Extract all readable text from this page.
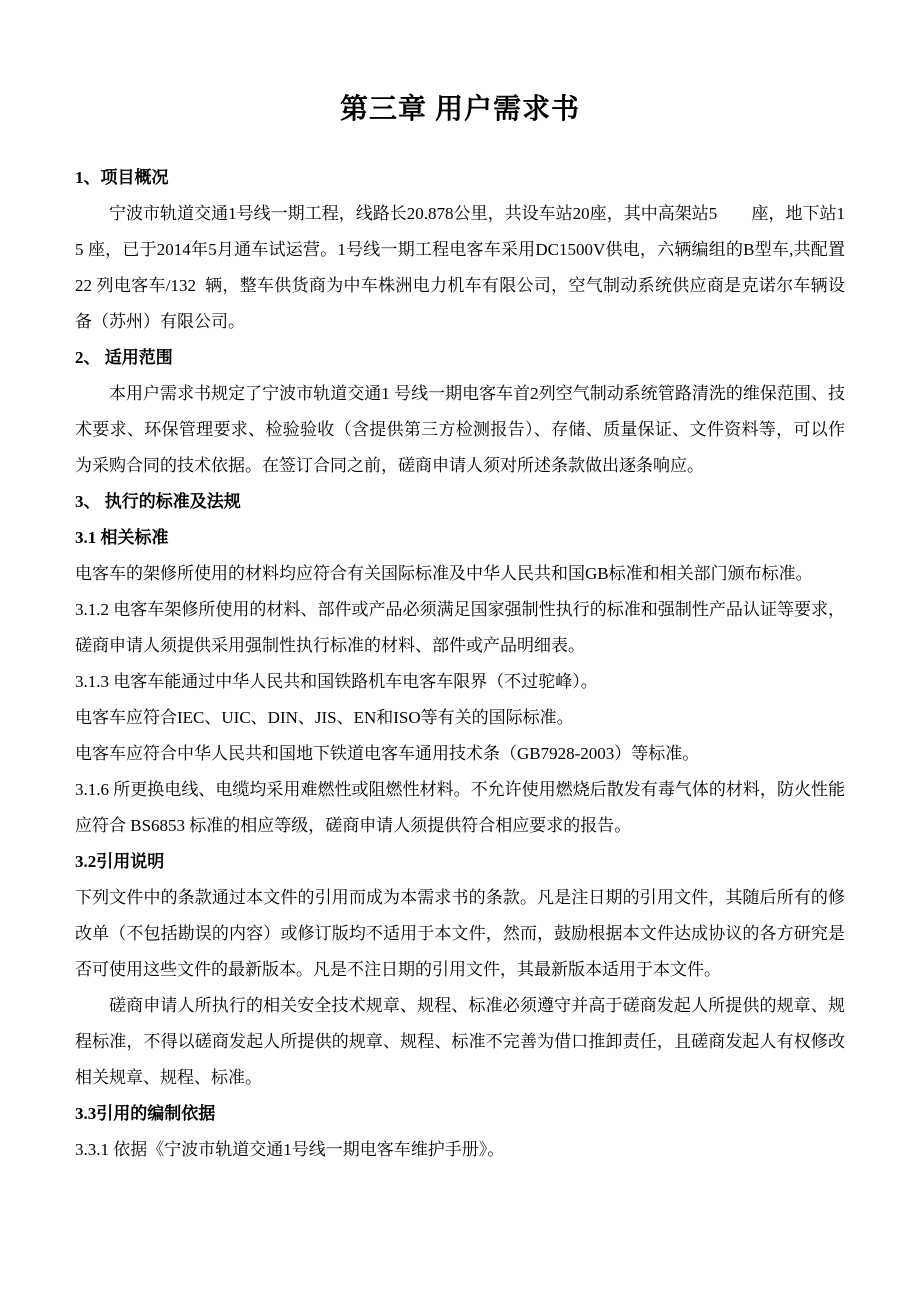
第三章 用户需求书
1、项目概况

宁波市轨道交通1号线一期工程，线路长20.878公里，共设车站20座，其中高架站5        座，地下站15 座，已于2014年5月通车试运营。1号线一期工程电客车采用DC1500V供电，六辆编组的B型车,共配置      22 列电客车/132  辆，整车供货商为中车株洲电力机车有限公司，空气制动系统供应商是克诺尔车辆设备（苏州）有限公司。

2、 适用范围

本用户需求书规定了宁波市轨道交通1 号线一期电客车首2列空气制动系统管路清洗的维保范围、技术要求、环保管理要求、检验验收（含提供第三方检测报告）、存储、质量保证、文件资料等，可以作为采购合同的技术依据。在签订合同之前，磋商申请人须对所述条款做出逐条响应。

3、 执行的标准及法规
3.1 相关标准

电客车的架修所使用的材料均应符合有关国际标准及中华人民共和国GB标准和相关部门颁布标准。

3.1.2 电客车架修所使用的材料、部件或产品必须满足国家强制性执行的标准和强制性产品认证等要求，磋商申请人须提供采用强制性执行标准的材料、部件或产品明细表。

3.1.3 电客车能通过中华人民共和国铁路机车电客车限界（不过驼峰）。

电客车应符合IEC、UIC、DIN、JIS、EN和ISO等有关的国际标准。

电客车应符合中华人民共和国地下铁道电客车通用技术条（GB7928-2003）等标准。

3.1.6 所更换电线、电缆均采用难燃性或阻燃性材料。不允许使用燃烧后散发有毒气体的材料，防火性能应符合 BS6853 标准的相应等级，磋商申请人须提供符合相应要求的报告。

3.2引用说明

下列文件中的条款通过本文件的引用而成为本需求书的条款。凡是注日期的引用文件，其随后所有的修改单（不包括勘误的内容）或修订版均不适用于本文件，然而，鼓励根据本文件达成协议的各方研究是否可使用这些文件的最新版本。凡是不注日期的引用文件，其最新版本适用于本文件。

磋商申请人所执行的相关安全技术规章、规程、标准必须遵守并高于磋商发起人所提供的规章、规程标准，不得以磋商发起人所提供的规章、规程、标准不完善为借口推卸责任，且磋商发起人有权修改相关规章、规程、标准。

3.3引用的编制依据

3.3.1 依据《宁波市轨道交通1号线一期电客车维护手册》。
